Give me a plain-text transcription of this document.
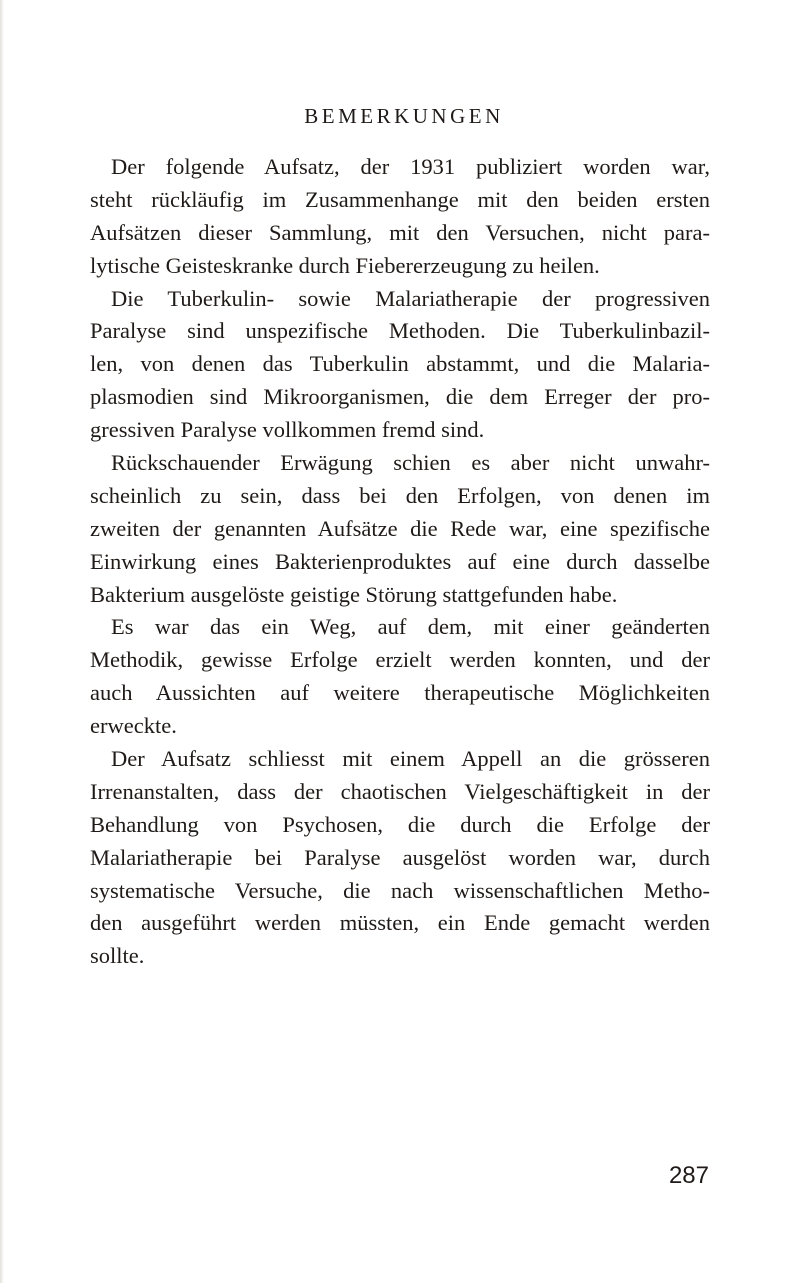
BEMERKUNGEN
Der folgende Aufsatz, der 1931 publiziert worden war,
steht rückläufig im Zusammenhange mit den beiden ersten
Aufsätzen dieser Sammlung, mit den Versuchen, nicht para-
lytische Geisteskranke durch Fiebererzeugung zu heilen.
Die Tuberkulin- sowie Malariatherapie der progressiven
Paralyse sind unspezifische Methoden. Die Tuberkulinbazil-
len, von denen das Tuberkulin abstammt, und die Malaria-
plasmodien sind Mikroorganismen, die dem Erreger der pro-
gressiven Paralyse vollkommen fremd sind.
Rückschauender Erwägung schien es aber nicht unwahr-
scheinlich zu sein, dass bei den Erfolgen, von denen im
zweiten der genannten Aufsätze die Rede war, eine spezifische
Einwirkung eines Bakterienproduktes auf eine durch dasselbe
Bakterium ausgelöste geistige Störung stattgefunden habe.
Es war das ein Weg, auf dem, mit einer geänderten
Methodik, gewisse Erfolge erzielt werden konnten, und der
auch Aussichten auf weitere therapeutische Möglichkeiten
erweckte.
Der Aufsatz schliesst mit einem Appell an die grösseren
Irrenanstalten, dass der chaotischen Vielgeschäftigkeit in der
Behandlung von Psychosen, die durch die Erfolge der
Malariatherapie bei Paralyse ausgelöst worden war, durch
systematische Versuche, die nach wissenschaftlichen Metho-
den ausgeführt werden müssten, ein Ende gemacht werden
sollte.
287
